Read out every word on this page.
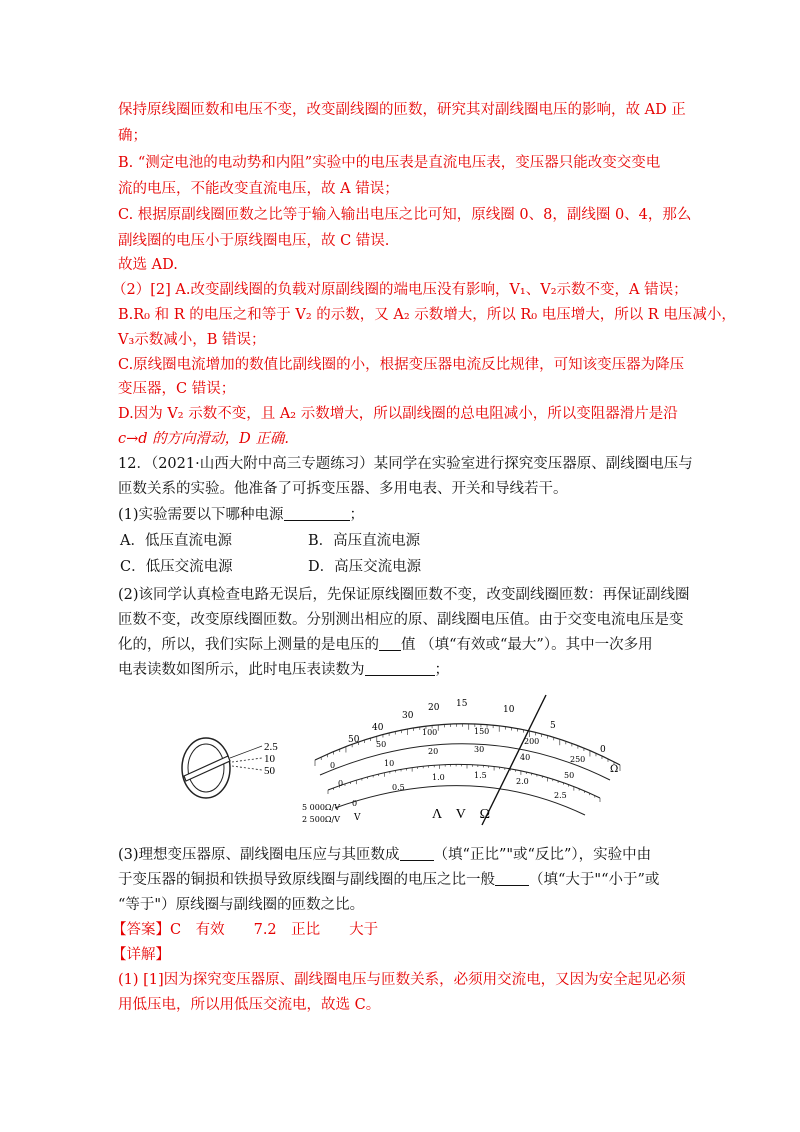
保持原线圈匝数和电压不变，改变副线圈的匝数，研究其对副线圈电压的影响，故 AD 正
确；
B. “测定电池的电动势和内阻”实验中的电压表是直流电压表，变压器只能改变交变电
流的电压，不能改变直流电压，故 A 错误；
C. 根据原副线圈匝数之比等于输入输出电压之比可知，原线圈 0、8，副线圈 0、4，那么
副线圈的电压小于原线圈电压，故 C 错误.
故选 AD.
（2）[2] A.改变副线圈的负载对原副线圈的端电压没有影响，V₁、V₂示数不变，A 错误；
B.R₀ 和 R 的电压之和等于 V₂ 的示数，又 A₂ 示数增大，所以 R₀ 电压增大，所以 R 电压减小，
V₃示数减小，B 错误；
C.原线圈电流增加的数值比副线圈的小，根据变压器电流反比规律，可知该变压器为降压
变压器，C 错误；
D.因为 V₂ 示数不变，且 A₂ 示数增大，所以副线圈的总电阻减小，所以变阻器滑片是沿
c→d 的方向滑动，D 正确.
12．（2021·山西大附中高三专题练习）某同学在实验室进行探究变压器原、副线圈电压与
匝数关系的实验。他准备了可拆变压器、多用电表、开关和导线若干。
(1)实验需要以下哪种电源	；
A．低压直流电源	B．高压直流电源
C．低压交流电源	D．高压交流电源
(2)该同学认真检查电路无误后，先保证原线圈匝数不变，改变副线圈匝数：再保证副线圈
匝数不变，改变原线圈匝数。分别测出相应的原、副线圈电压值。由于交变电流电压是变
化的，所以，我们实际上测量的是电压的 值 （填“有效或“最大”）。其中一次多用
电表读数如图所示，此时电压表读数为	；
2.5
10
50
50
40
30
20 15
10
5
0
Ω
0
50
100	150
200
250
0
10
20	30
40
50
0
0.5
1.0	1.5
2.0
2.5
V	Λ　V　Ω
5 000Ω/V
2 500Ω/V
(3)理想变压器原、副线圈电压应与其匝数成 （填“正比”"或“反比”），实验中由
于变压器的铜损和铁损导致原线圈与副线圈的电压之比一般 （填“大于"“小于”或
“等于"）原线圈与副线圈的匝数之比。
【答案】C　有效　　7.2　正比　　大于
【详解】
(1) [1]因为探究变压器原、副线圈电压与匝数关系，必须用交流电，又因为安全起见必须
用低压电，所以用低压交流电，故选 C。
